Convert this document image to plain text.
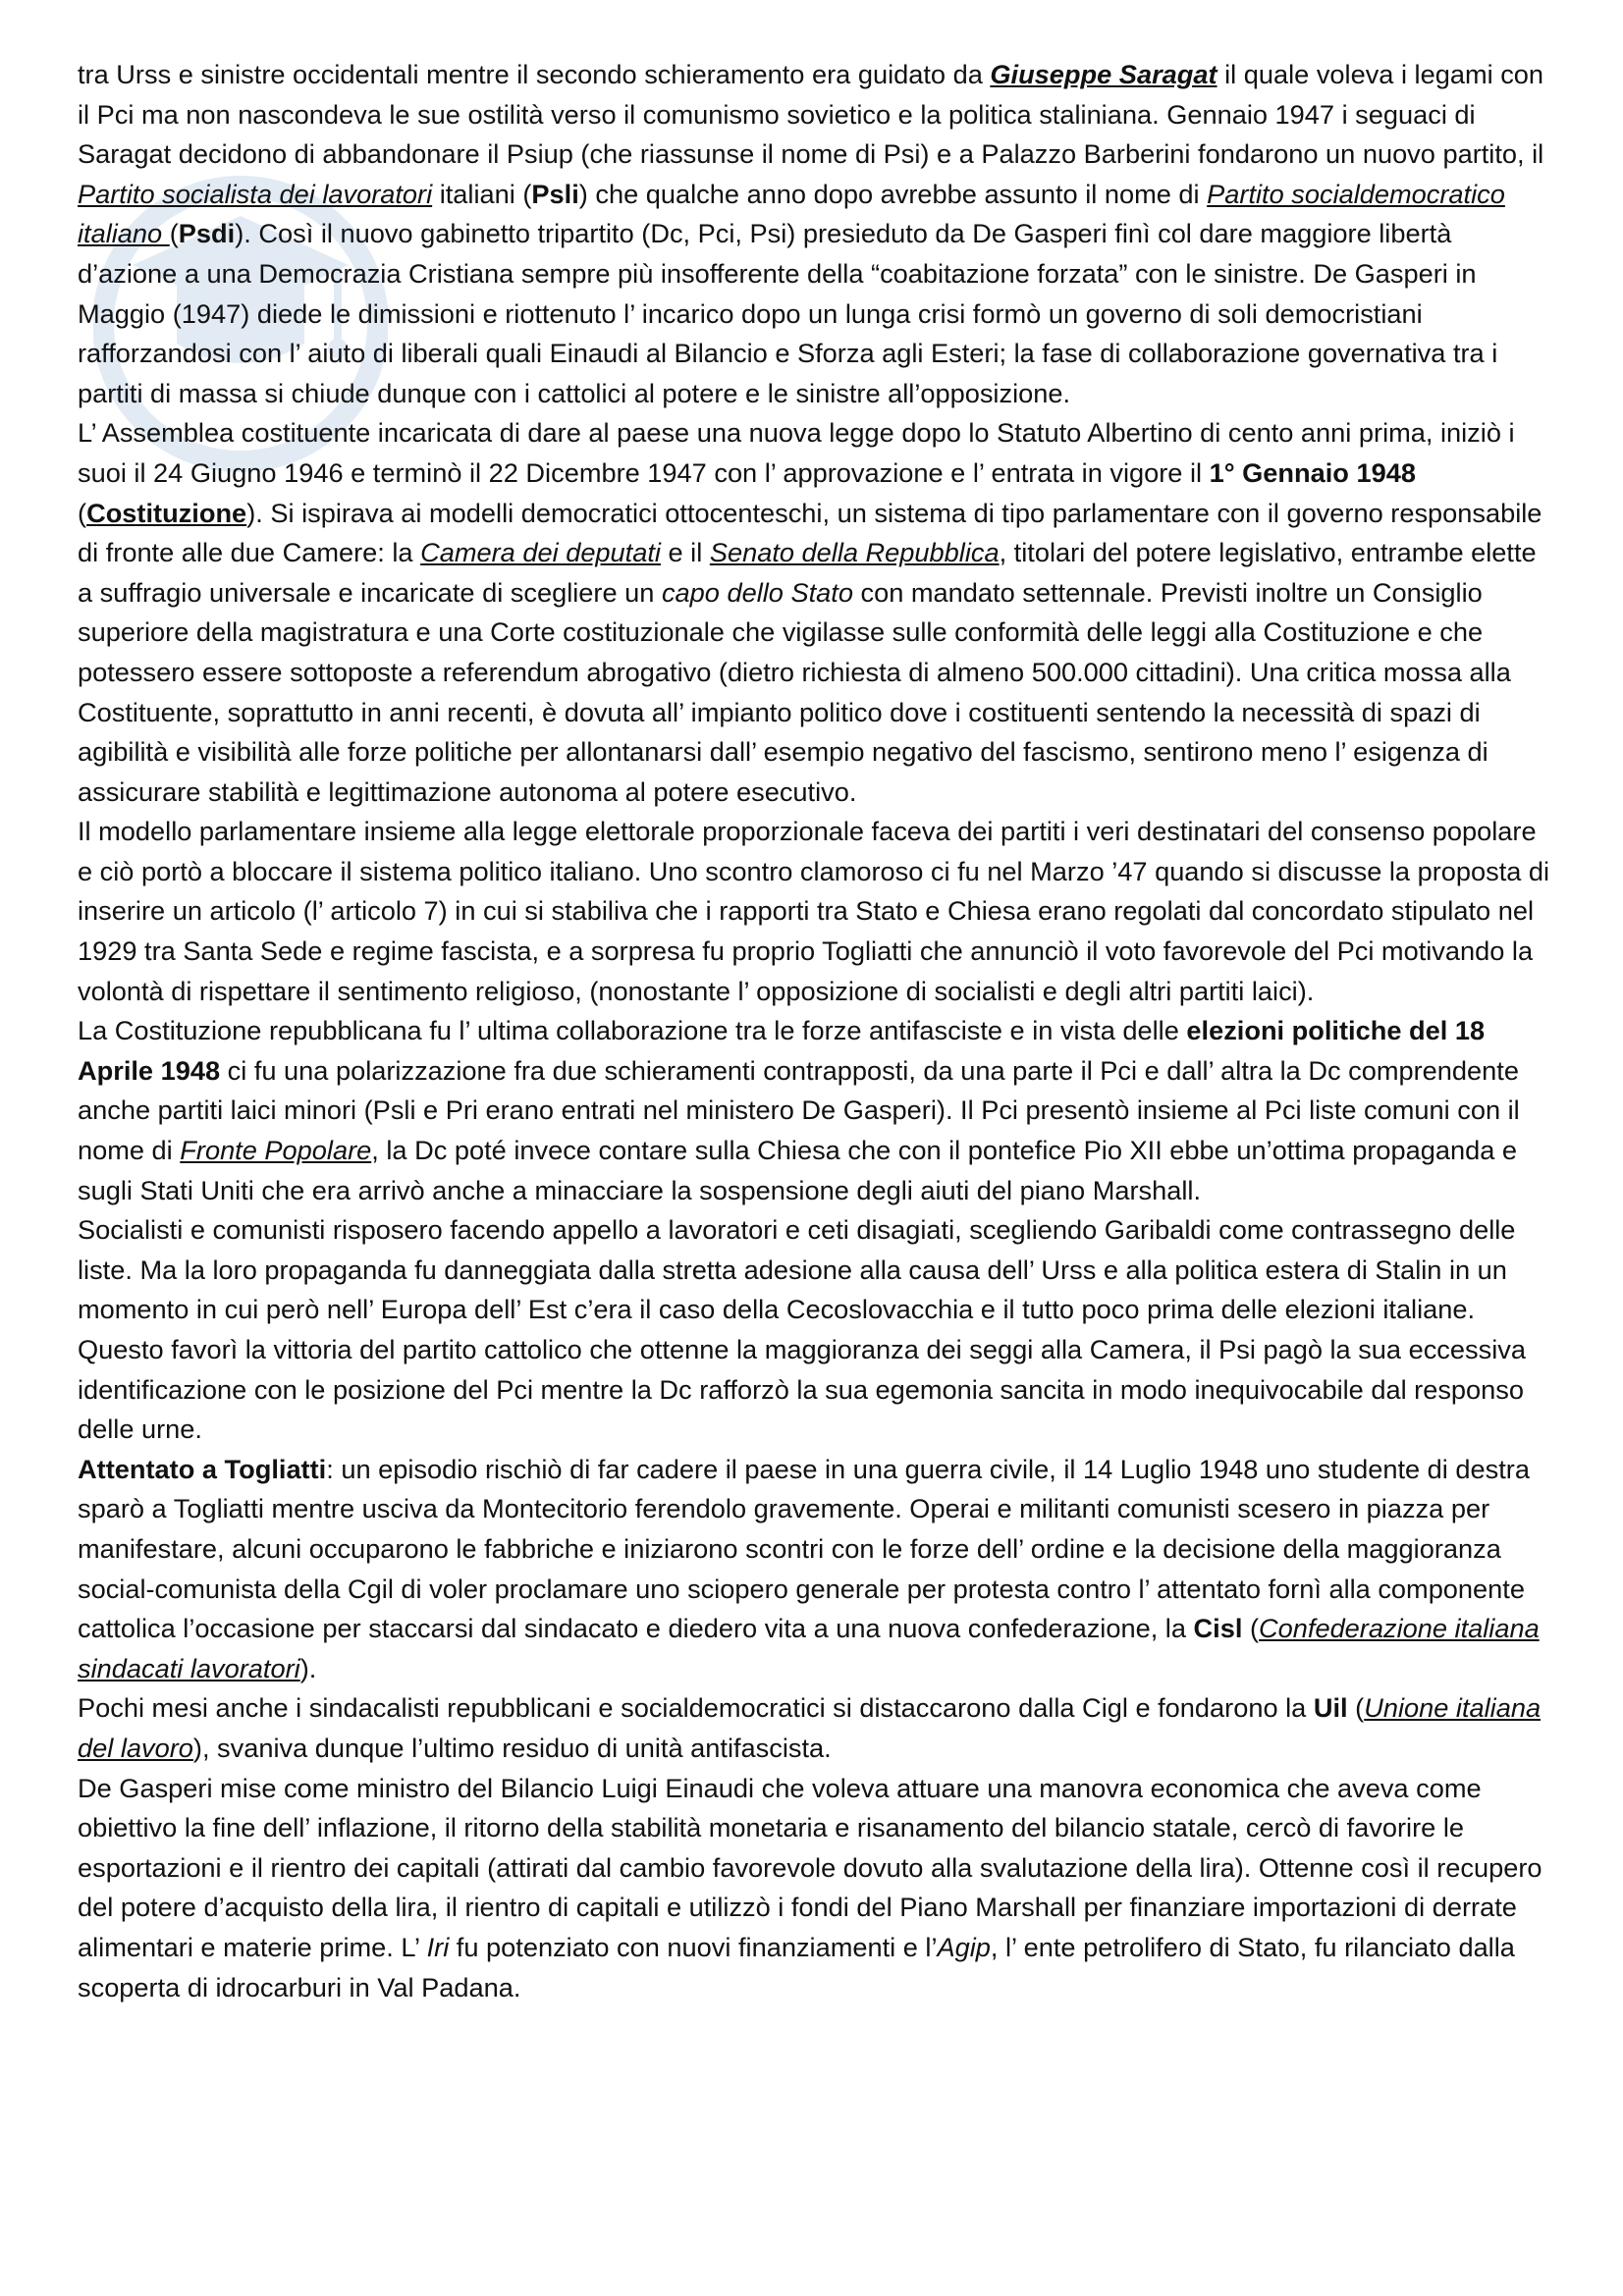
tra Urss e sinistre occidentali mentre il secondo schieramento era guidato da Giuseppe Saragat il quale voleva i legami con il Pci ma non nascondeva le sue ostilità verso il comunismo sovietico e la politica staliniana. Gennaio 1947 i seguaci di Saragat decidono di abbandonare il Psiup (che riassunse il nome di Psi) e a Palazzo Barberini fondarono un nuovo partito, il Partito socialista dei lavoratori italiani (Psli) che qualche anno dopo avrebbe assunto il nome di Partito socialdemocratico italiano (Psdi). Così il nuovo gabinetto tripartito (Dc, Pci, Psi) presieduto da De Gasperi finì col dare maggiore libertà d’azione a una Democrazia Cristiana sempre più insofferente della “coabitazione forzata” con le sinistre. De Gasperi in Maggio (1947) diede le dimissioni e riottenuto l’ incarico dopo un lunga crisi formò un governo di soli democristiani rafforzandosi con l’ aiuto di liberali quali Einaudi al Bilancio e Sforza agli Esteri; la fase di collaborazione governativa tra i partiti di massa si chiude dunque con i cattolici al potere e le sinistre all’opposizione.

L’ Assemblea costituente incaricata di dare al paese una nuova legge dopo lo Statuto Albertino di cento anni prima, iniziò i suoi il 24 Giugno 1946 e terminò il 22 Dicembre 1947 con l’ approvazione e l’ entrata in vigore il 1° Gennaio 1948 (Costituzione). Si ispirava ai modelli democratici ottocenteschi, un sistema di tipo parlamentare con il governo responsabile di fronte alle due Camere: la Camera dei deputati e il Senato della Repubblica, titolari del potere legislativo, entrambe elette a suffragio universale e incaricate di scegliere un capo dello Stato con mandato settennale. Previsti inoltre un Consiglio superiore della magistratura e una Corte costituzionale che vigilasse sulle conformità delle leggi alla Costituzione e che potessero essere sottoposte a referendum abrogativo (dietro richiesta di almeno 500.000 cittadini). Una critica mossa alla Costituente, soprattutto in anni recenti, è dovuta all’ impianto politico dove i costituenti sentendo la necessità di spazi di agibilità e visibilità alle forze politiche per allontanarsi dall’ esempio negativo del fascismo, sentirono meno l’ esigenza di assicurare stabilità e legittimazione autonoma al potere esecutivo.

Il modello parlamentare insieme alla legge elettorale proporzionale faceva dei partiti i veri destinatari del consenso popolare e ciò portò a bloccare il sistema politico italiano. Uno scontro clamoroso ci fu nel Marzo ’47 quando si discusse la proposta di inserire un articolo (l’ articolo 7) in cui si stabiliva che i rapporti tra Stato e Chiesa erano regolati dal concordato stipulato nel 1929 tra Santa Sede e regime fascista, e a sorpresa fu proprio Togliatti che annunciò il voto favorevole del Pci motivando la volontà di rispettare il sentimento religioso, (nonostante l’ opposizione di socialisti e degli altri partiti laici).

La Costituzione repubblicana fu l’ ultima collaborazione tra le forze antifasciste e in vista delle elezioni politiche del 18 Aprile 1948 ci fu una polarizzazione fra due schieramenti contrapposti, da una parte il Pci e dall’ altra la Dc comprendente anche partiti laici minori (Psli e Pri erano entrati nel ministero De Gasperi). Il Pci presentò insieme al Pci liste comuni con il nome di Fronte Popolare, la Dc poté invece contare sulla Chiesa che con il pontefice Pio XII ebbe un’ottima propaganda e sugli Stati Uniti che era arrivò anche a minacciare la sospensione degli aiuti del piano Marshall.

Socialisti e comunisti risposero facendo appello a lavoratori e ceti disagiati, scegliendo Garibaldi come contrassegno delle liste. Ma la loro propaganda fu danneggiata dalla stretta adesione alla causa dell’ Urss e alla politica estera di Stalin in un momento in cui però nell’ Europa dell’ Est c’era il caso della Cecoslovacchia e il tutto poco prima delle elezioni italiane. Questo favorì la vittoria del partito cattolico che ottenne la maggioranza dei seggi alla Camera, il Psi pagò la sua eccessiva identificazione con le posizione del Pci mentre la Dc rafforzò la sua egemonia sancita in modo inequivocabile dal responso delle urne.

Attentato a Togliatti: un episodio rischiò di far cadere il paese in una guerra civile, il 14 Luglio 1948 uno studente di destra sparò a Togliatti mentre usciva da Montecitorio ferendolo gravemente. Operai e militanti comunisti scesero in piazza per manifestare, alcuni occuparono le fabbriche e iniziarono scontri con le forze dell’ ordine e la decisione della maggioranza social-comunista della Cgil di voler proclamare uno sciopero generale per protesta contro l’ attentato fornì alla componente cattolica l’occasione per staccarsi dal sindacato e diedero vita a una nuova confederazione, la Cisl (Confederazione italiana sindacati lavoratori).

Pochi mesi anche i sindacalisti repubblicani e socialdemocratici si distaccarono dalla Cigl e fondarono la Uil (Unione italiana del lavoro), svaniva dunque l’ultimo residuo di unità antifascista.

De Gasperi mise come ministro del Bilancio Luigi Einaudi che voleva attuare una manovra economica che aveva come obiettivo la fine dell’ inflazione, il ritorno della stabilità monetaria e risanamento del bilancio statale, cercò di favorire le esportazioni e il rientro dei capitali (attirati dal cambio favorevole dovuto alla svalutazione della lira). Ottenne così il recupero del potere d’acquisto della lira, il rientro di capitali e utilizzò i fondi del Piano Marshall per finanziare importazioni di derrate alimentari e materie prime. L’ Iri fu potenziato con nuovi finanziamenti e l’Agip, l’ ente petrolifero di Stato, fu rilanciato dalla scoperta di idrocarburi in Val Padana.
